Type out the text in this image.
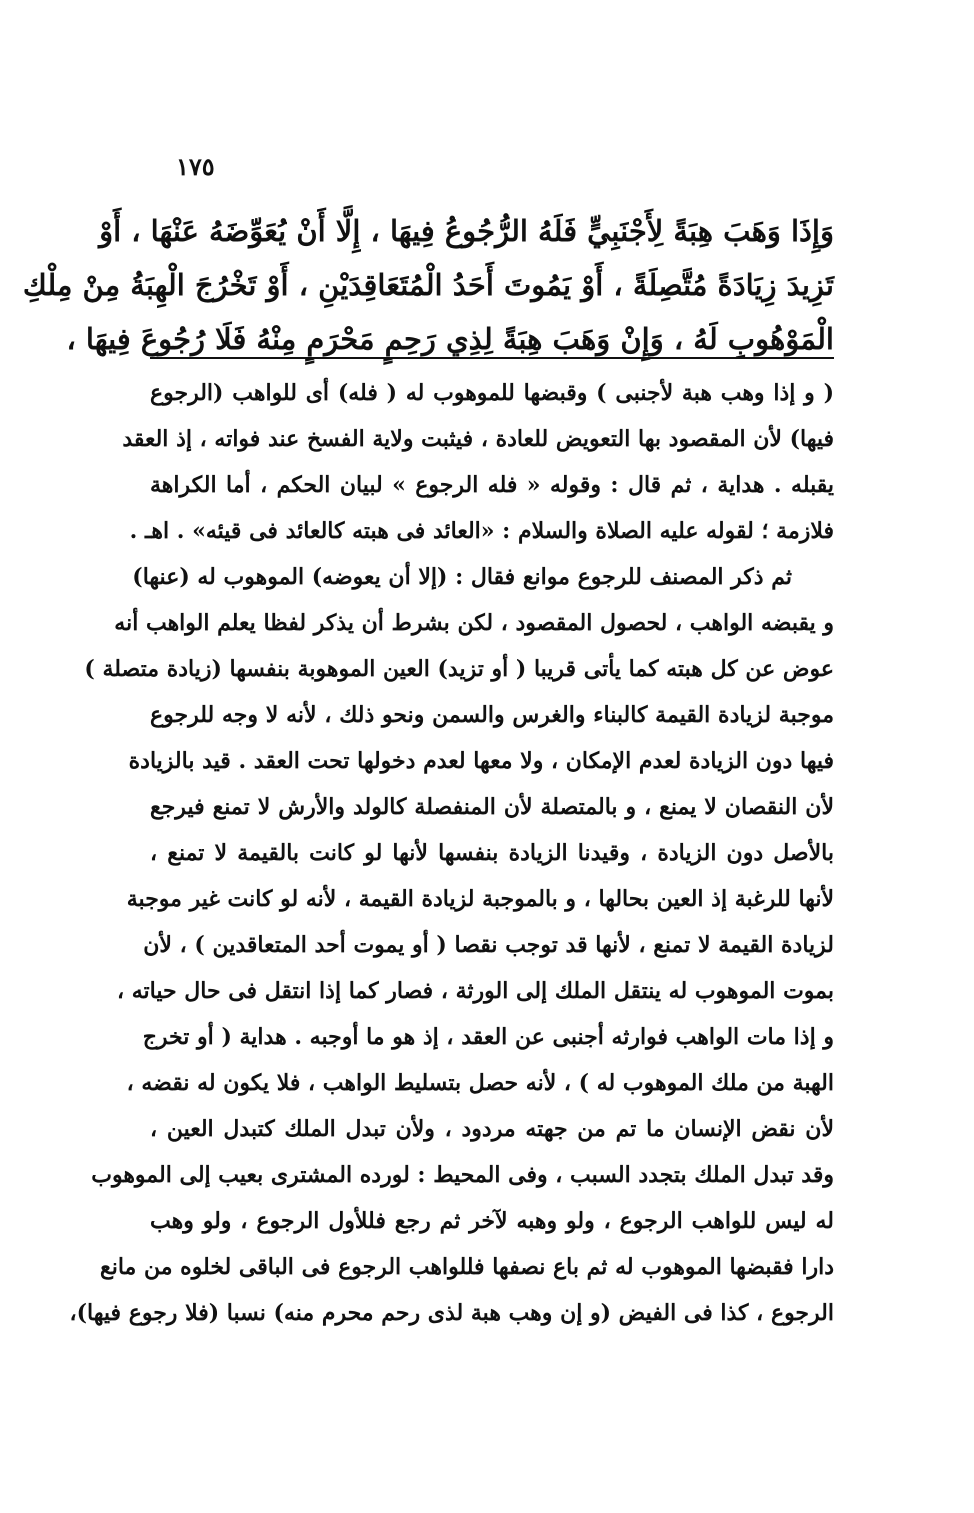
١٧٥
وَإِذَا وَهَبَ هِبَةً لِأَجْنَبِيٍّ فَلَهُ الرُّجُوعُ فِيهَا ، إِلَّا أَنْ يُعَوِّضَهُ عَنْهَا ، أَوْ
تَزِيدَ زِيَادَةً مُتَّصِلَةً ، أَوْ يَمُوتَ أَحَدُ الْمُتَعَاقِدَيْنِ ، أَوْ تَخْرُجَ الْهِبَةُ مِنْ مِلْكِ
الْمَوْهُوبِ لَهُ ، وَإِنْ وَهَبَ هِبَةً لِذِي رَحِمٍ مَحْرَمٍ مِنْهُ فَلَا رُجُوعَ فِيهَا ،
( و إذا وهب هبة لأجنبى ) وقبضها للموهوب له ( فله) أى للواهب (الرجوع
فيها) لأن المقصود بها التعويض للعادة ، فيثبت ولاية الفسخ عند فواته ، إذ العقد
يقبله . هداية ، ثم قال : وقوله « فله الرجوع » لبيان الحكم ، أما الكراهة
فلازمة ؛ لقوله عليه الصلاة والسلام : «العائد فى هبته كالعائد فى قيئه» . اهـ .
ثم ذكر المصنف للرجوع موانع فقال : (إلا أن يعوضه) الموهوب له (عنها)
و يقبضه الواهب ، لحصول المقصود ، لكن بشرط أن يذكر لفظا يعلم الواهب أنه
عوض عن كل هبته كما يأتى قريبا ( أو تزيد) العين الموهوبة بنفسها (زيادة متصلة )
موجبة لزيادة القيمة كالبناء والغرس والسمن ونحو ذلك ، لأنه لا وجه للرجوع
فيها دون الزيادة لعدم الإمكان ، ولا معها لعدم دخولها تحت العقد . قيد بالزيادة
لأن النقصان لا يمنع ، و بالمتصلة لأن المنفصلة كالولد والأرش لا تمنع فيرجع
بالأصل دون الزيادة ، وقيدنا الزيادة بنفسها لأنها لو كانت بالقيمة لا تمنع ،
لأنها للرغبة إذ العين بحالها ، و بالموجبة لزيادة القيمة ، لأنه لو كانت غير موجبة
لزيادة القيمة لا تمنع ، لأنها قد توجب نقصا ( أو يموت أحد المتعاقدين ) ، لأن
بموت الموهوب له ينتقل الملك إلى الورثة ، فصار كما إذا انتقل فى حال حياته ،
و إذا مات الواهب فوارثه أجنبى عن العقد ، إذ هو ما أوجبه . هداية ( أو تخرج
الهبة من ملك الموهوب له ) ، لأنه حصل بتسليط الواهب ، فلا يكون له نقضه ،
لأن نقض الإنسان ما تم من جهته مردود ، ولأن تبدل الملك كتبدل العين ،
وقد تبدل الملك بتجدد السبب ، وفى المحيط : لورده المشترى بعيب إلى الموهوب
له ليس للواهب الرجوع ، ولو وهبه لآخر ثم رجع فللأول الرجوع ، ولو وهب
دارا فقبضها الموهوب له ثم باع نصفها فللواهب الرجوع فى الباقى لخلوه من مانع
الرجوع ، كذا فى الفيض (و إن وهب هبة لذى رحم محرم منه) نسبا (فلا رجوع فيها)،
